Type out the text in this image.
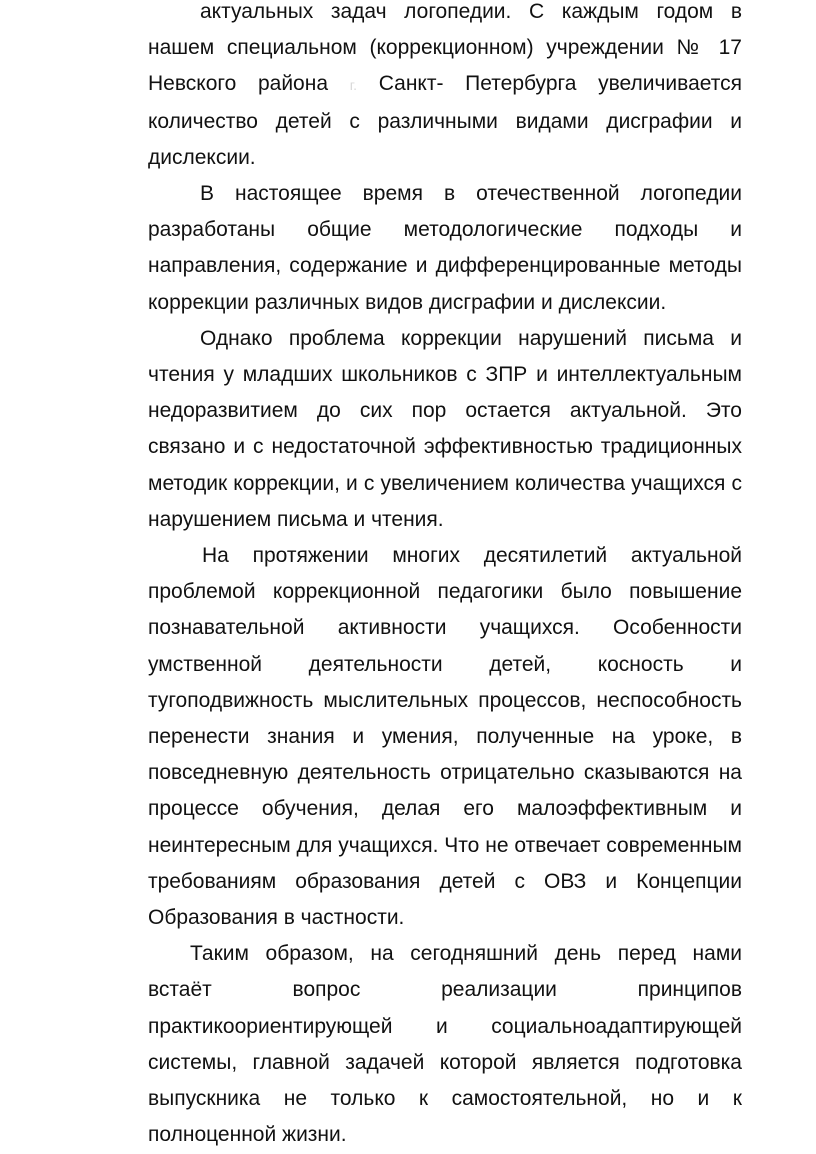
актуальных задач логопедии. С каждым годом в нашем специальном (коррекционном) учреждении № 17 Невского района г. Санкт- Петербурга увеличивается количество детей с различными видами дисграфии и дислексии.

В настоящее время в отечественной логопедии разработаны общие методологические подходы и направления, содержание и дифференцированные методы коррекции различных видов дисграфии и дислексии.

Однако проблема коррекции нарушений письма и чтения у младших школьников с ЗПР и интеллектуальным недоразвитием до сих пор остается актуальной. Это связано и с недостаточной эффективностью традиционных методик коррекции, и с увеличением количества учащихся с нарушением письма и чтения.

На протяжении многих десятилетий актуальной проблемой коррекционной педагогики было повышение познавательной активности учащихся. Особенности умственной деятельности детей, косность и тугоподвижность мыслительных процессов, неспособность перенести знания и умения, полученные на уроке, в повседневную деятельность отрицательно сказываются на процессе обучения, делая его малоэффективным и неинтересным для учащихся. Что не отвечает современным требованиям образования детей с ОВЗ и Концепции Образования в частности.

Таким образом, на сегодняшний день перед нами встаёт вопрос реализации принципов практикоориентирующей и социальноадаптирующей системы, главной задачей которой является подготовка выпускника не только к самостоятельной, но и к полноценной жизни.
